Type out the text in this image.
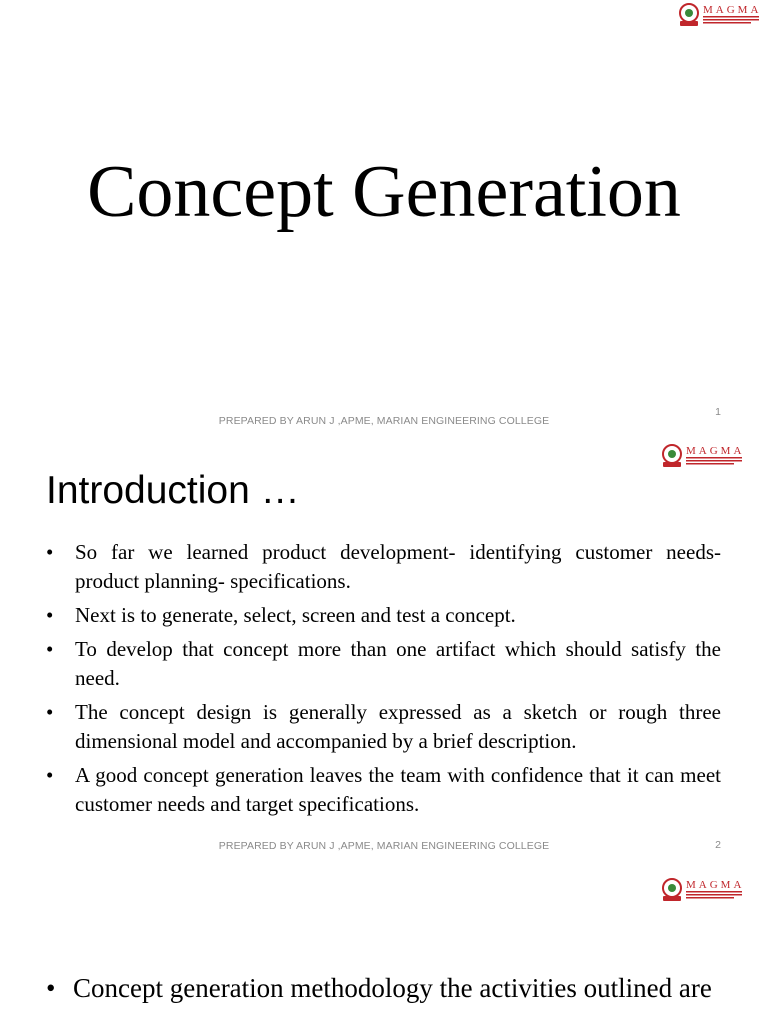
MAGMA
Concept Generation
PREPARED BY ARUN J ,APME, MARIAN ENGINEERING COLLEGE
1
MAGMA
Introduction …
• So far we learned product development- identifying customer needs- product planning- specifications.
• Next is to generate, select, screen and test a concept.
• To develop that concept more than one artifact which should satisfy the need.
• The concept design is generally expressed as a sketch or rough three dimensional model and accompanied by a brief description.
• A good concept generation leaves the team with confidence that it can meet customer needs and target specifications.
PREPARED BY ARUN J ,APME, MARIAN ENGINEERING COLLEGE	2
MAGMA
• Concept generation methodology the activities outlined are
